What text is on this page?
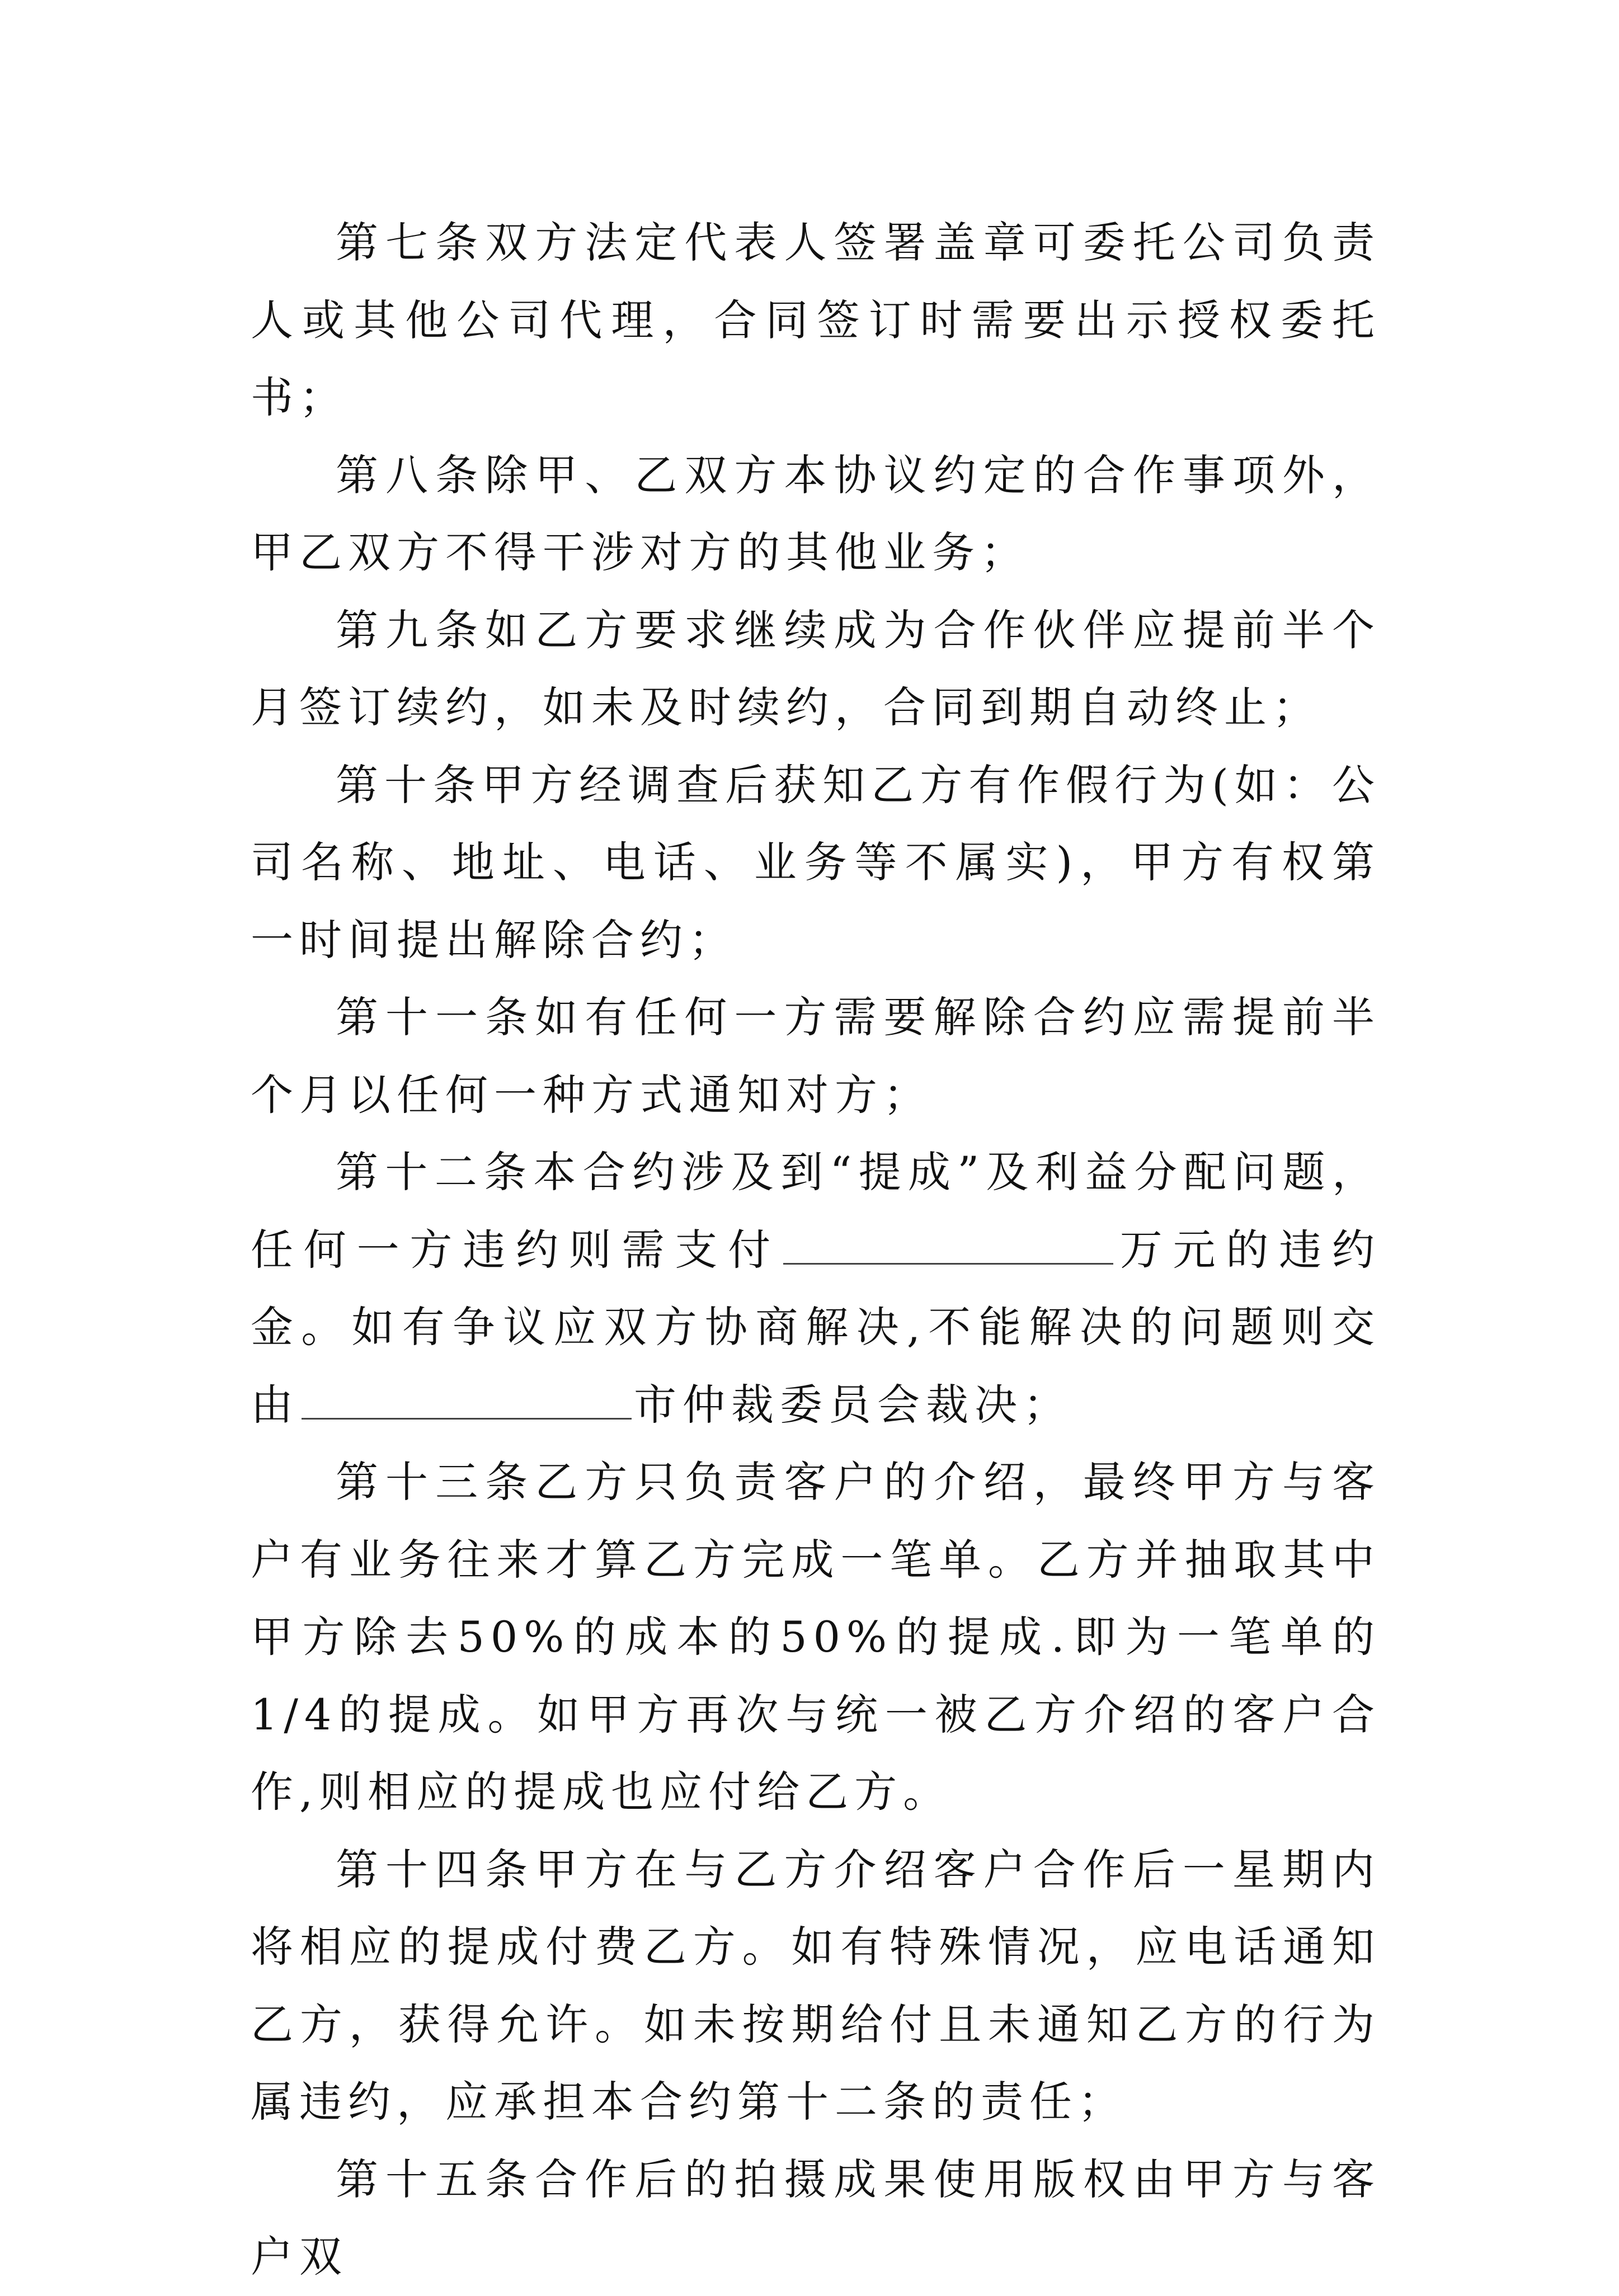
第七条双方法定代表人签署盖章可委托公司负责人或其他公司代理，合同签订时需要出示授权委托书；

第八条除甲、乙双方本协议约定的合作事项外，甲乙双方不得干涉对方的其他业务；

第九条如乙方要求继续成为合作伙伴应提前半个月签订续约，如未及时续约，合同到期自动终止；

第十条甲方经调查后获知乙方有作假行为(如：公司名称、地址、电话、业务等不属实)，甲方有权第一时间提出解除合约；

第十一条如有任何一方需要解除合约应需提前半个月以任何一种方式通知对方；

第十二条本合约涉及到“提成”及利益分配问题，任何一方违约则需支付	万元的违约金。如有争议应双方协商解决,不能解决的问题则交由	市仲裁委员会裁决；

第十三条乙方只负责客户的介绍，最终甲方与客户有业务往来才算乙方完成一笔单。乙方并抽取其中甲方除去50%的成本的50%的提成.即为一笔单的1/4的提成。如甲方再次与统一被乙方介绍的客户合作,则相应的提成也应付给乙方。

第十四条甲方在与乙方介绍客户合作后一星期内将相应的提成付费乙方。如有特殊情况，应电话通知乙方，获得允许。如未按期给付且未通知乙方的行为属违约，应承担本合约第十二条的责任；

第十五条合作后的拍摄成果使用版权由甲方与客户双
